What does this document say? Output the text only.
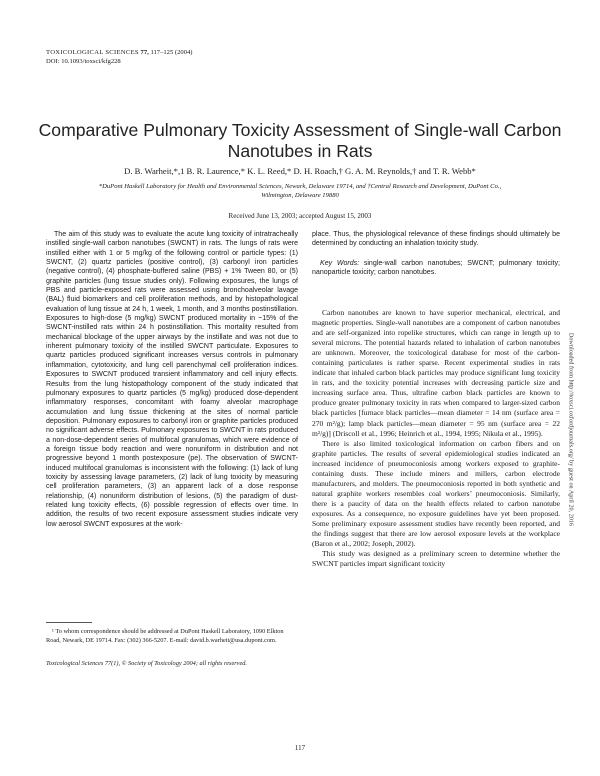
TOXICOLOGICAL SCIENCES 77, 117–125 (2004)
DOI: 10.1093/toxsci/kfg228
Comparative Pulmonary Toxicity Assessment of Single-wall Carbon
Nanotubes in Rats
D. B. Warheit,*,1 B. R. Laurence,* K. L. Reed,* D. H. Roach,† G. A. M. Reynolds,† and T. R. Webb*
*DuPont Haskell Laboratory for Health and Environmental Sciences, Newark, Delaware 19714, and †Central Research and Development, DuPont Co.,
Wilmington, Delaware 19880
Received June 13, 2003; accepted August 15, 2003

The aim of this study was to evaluate the acute lung toxicity of intratracheally instilled single-wall carbon nanotubes (SWCNT) in rats. The lungs of rats were instilled either with 1 or 5 mg/kg of the following control or particle types: (1) SWCNT, (2) quartz particles (positive control), (3) carbonyl iron particles (negative control), (4) phosphate-buffered saline (PBS) + 1% Tween 80, or (5) graphite particles (lung tissue studies only). Following exposures, the lungs of PBS and particle-exposed rats were assessed using bronchoalveolar lavage (BAL) fluid biomarkers and cell proliferation methods, and by histopathological evaluation of lung tissue at 24 h, 1 week, 1 month, and 3 months postinstillation. Exposures to high-dose (5 mg/kg) SWCNT produced mortality in ~15% of the SWCNT-instilled rats within 24 h postinstillation. This mortality resulted from mechanical blockage of the upper airways by the instillate and was not due to inherent pulmonary toxicity of the instilled SWCNT particulate. Exposures to quartz particles produced significant increases versus controls in pulmonary inflammation, cytotoxicity, and lung cell parenchymal cell proliferation indices. Exposures to SWCNT produced transient inflammatory and cell injury effects. Results from the lung histopathology component of the study indicated that pulmonary exposures to quartz particles (5 mg/kg) produced dose-dependent inflammatory responses, concomitant with foamy alveolar macrophage accumulation and lung tissue thickening at the sites of normal particle deposition. Pulmonary exposures to carbonyl iron or graphite particles produced no significant adverse effects. Pulmonary exposures to SWCNT in rats produced a non-dose-dependent series of multifocal granulomas, which were evidence of a foreign tissue body reaction and were nonuniform in distribution and not progressive beyond 1 month postexposure (pe). The observation of SWCNT-induced multifocal granulomas is inconsistent with the following: (1) lack of lung toxicity by assessing lavage parameters, (2) lack of lung toxicity by measuring cell proliferation parameters, (3) an apparent lack of a dose response relationship, (4) nonuniform distribution of lesions, (5) the paradigm of dust-related lung toxicity effects, (6) possible regression of effects over time. In addition, the results of two recent exposure assessment studies indicate very low aerosol SWCNT exposures at the work-

place. Thus, the physiological relevance of these findings should ultimately be determined by conducting an inhalation toxicity study.

Key Words: single-wall carbon nanotubes; SWCNT; pulmonary toxicity; nanoparticle toxicity; carbon nanotubes.

Carbon nanotubes are known to have superior mechanical, electrical, and magnetic properties. Single-wall nanotubes are a component of carbon nanotubes and are self-organized into ropelike structures, which can range in length up to several microns. The potential hazards related to inhalation of carbon nanotubes are unknown. Moreover, the toxicological database for most of the carbon-containing particulates is rather sparse. Recent experimental studies in rats indicate that inhaled carbon black particles may produce significant lung toxicity in rats, and the toxicity potential increases with decreasing particle size and increasing surface area. Thus, ultrafine carbon black particles are known to produce greater pulmonary toxicity in rats when compared to larger-sized carbon black particles [furnace black particles—mean diameter = 14 nm (surface area = 270 m²/g); lamp black particles—mean diameter = 95 nm (surface area = 22 m²/g)] (Driscoll et al., 1996; Heinrich et al., 1994, 1995; Nikula et al., 1995).

There is also limited toxicological information on carbon fibers and on graphite particles. The results of several epidemiological studies indicated an increased incidence of pneumoconiosis among workers exposed to graphite-containing dusts. These include miners and millers, carbon electrode manufacturers, and molders. The pneumoconiosis reported in both synthetic and natural graphite workers resembles coal workers’ pneumoconiosis. Similarly, there is a paucity of data on the health effects related to carbon nanotube exposures. As a consequence, no exposure guidelines have yet been proposed. Some preliminary exposure assessment studies have recently been reported, and the findings suggest that there are low aerosol exposure levels at the workplace (Baron et al., 2002; Joseph, 2002).

This study was designed as a preliminary screen to determine whether the SWCNT particles impart significant toxicity

¹ To whom correspondence should be addressed at DuPont Haskell Laboratory, 1090 Elkton Road, Newark, DE 19714. Fax: (302) 366-5207. E-mail: david.b.warheit@usa.dupont.com.

Toxicological Sciences 77(1), © Society of Toxicology 2004; all rights reserved.

117
Downloaded from http://toxsci.oxfordjournals.org/ by guest on April 20, 2016
